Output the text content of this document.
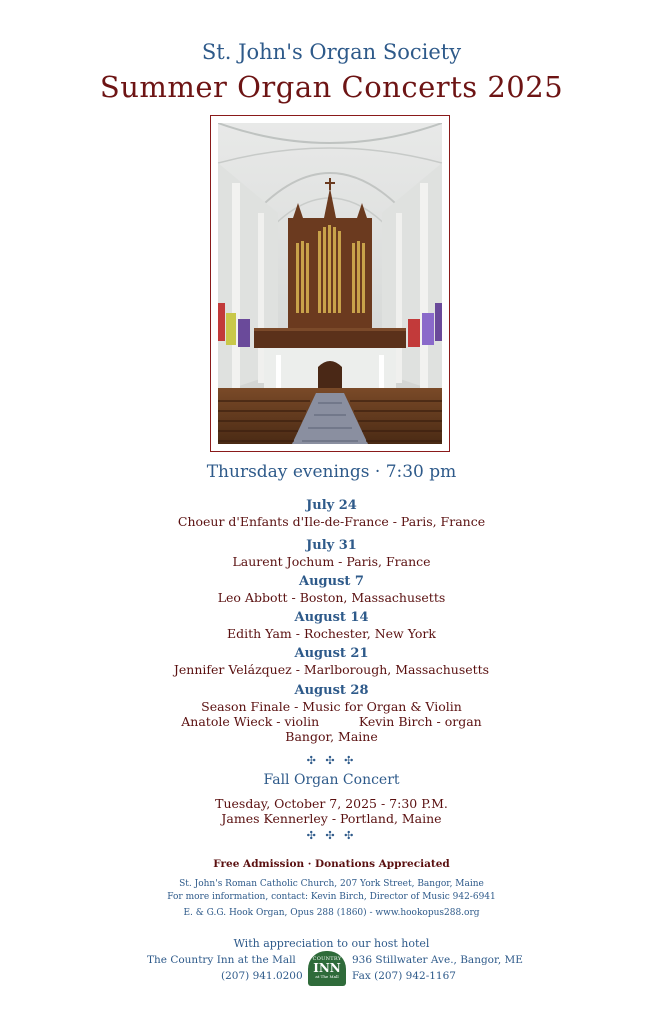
St. John's Organ Society
Summer Organ Concerts 2025
Thursday evenings · 7:30 pm
July 24
Choeur d'Enfants d'Ile-de-France - Paris, France
July 31
Laurent Jochum - Paris, France
August 7
Leo Abbott - Boston, Massachusetts
August 14
Edith Yam - Rochester, New York
August 21
Jennifer Velázquez - Marlborough, Massachusetts
August 28
Season Finale - Music for Organ & Violin
Anatole Wieck - violin          Kevin Birch - organ
Bangor, Maine
✣ ✣ ✣
Fall Organ Concert
Tuesday, October 7, 2025 - 7:30 P.M.
James Kennerley - Portland, Maine
✣ ✣ ✣
Free Admission · Donations Appreciated
St. John's Roman Catholic Church, 207 York Street, Bangor, Maine
For more information, contact: Kevin Birch, Director of Music 942-6941
E. & G.G. Hook Organ, Opus 288 (1860) - www.hookopus288.org
With appreciation to our host hotel
The Country Inn at the Mall	936 Stillwater Ave., Bangor, ME
(207) 941.0200	Fax (207) 942-1167
COUNTRY
INN
at The Mall
